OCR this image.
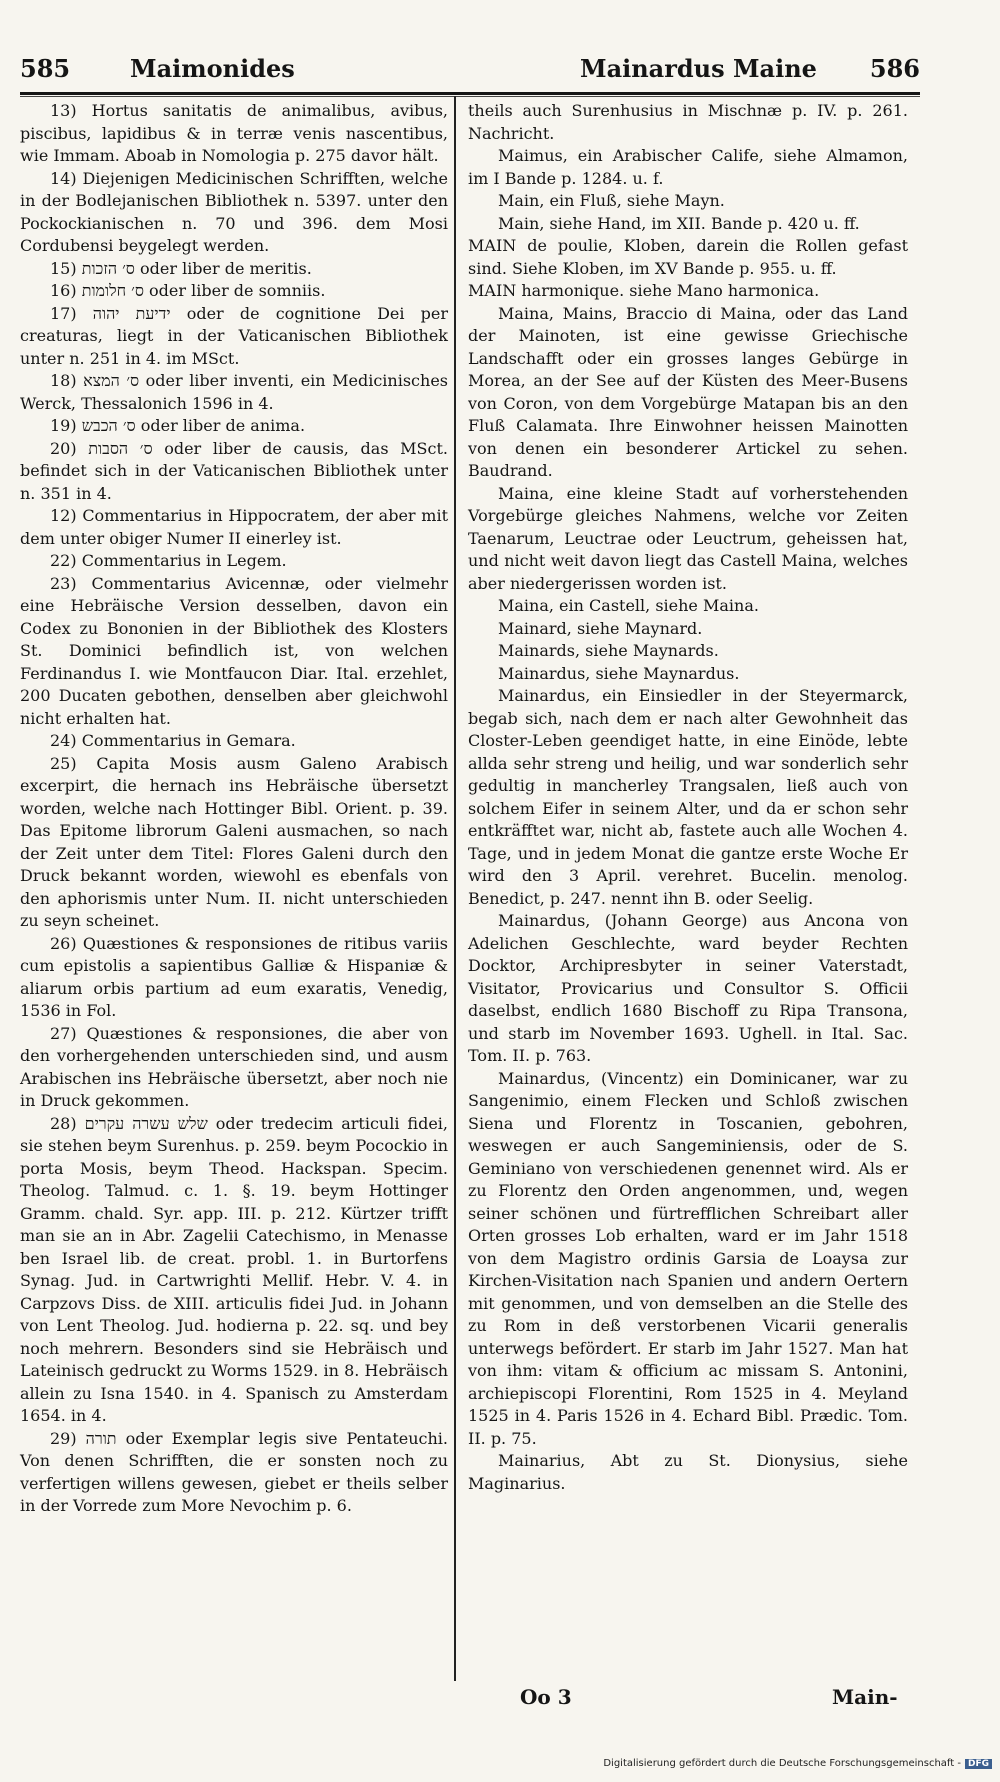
585 Maimonides	Mainardus Maine 586

13) Hortus sanitatis de animalibus, avibus, piscibus, lapidibus & in terræ venis nascentibus, wie Immam. Aboab in Nomologia p. 275 davor hält.

14) Diejenigen Medicinischen Schrifften, welche in der Bodlejanischen Bibliothek n. 5397. unter den Pockockianischen n. 70 und 396. dem Mosi Cordubensi beygelegt werden.

15) ס׳ הזכות oder liber de meritis.

16) ס׳ חלומות oder liber de somniis.

17) ידיעת יהוה oder de cognitione Dei per creaturas, liegt in der Vaticanischen Bibliothek unter n. 251 in 4. im MSct.

18) ס׳ המצא oder liber inventi, ein Medicinisches Werck, Thessalonich 1596 in 4.

19) ס׳ הכבש oder liber de anima.

20) ס׳ הסבות oder liber de causis, das MSct. befindet sich in der Vaticanischen Bibliothek unter n. 351 in 4.

12) Commentarius in Hippocratem, der aber mit dem unter obiger Numer II einerley ist.

22) Commentarius in Legem.

23) Commentarius Avicennæ, oder vielmehr eine Hebräische Version desselben, davon ein Codex zu Bononien in der Bibliothek des Klosters St. Dominici befindlich ist, von welchen Ferdinandus I. wie Montfaucon Diar. Ital. erzehlet, 200 Ducaten gebothen, denselben aber gleichwohl nicht erhalten hat.

24) Commentarius in Gemara.

25) Capita Mosis ausm Galeno Arabisch excerpirt, die hernach ins Hebräische übersetzt worden, welche nach Hottinger Bibl. Orient. p. 39. Das Epitome librorum Galeni ausmachen, so nach der Zeit unter dem Titel: Flores Galeni durch den Druck bekannt worden, wiewohl es ebenfals von den aphorismis unter Num. II. nicht unterschieden zu seyn scheinet.

26) Quæstiones & responsiones de ritibus variis cum epistolis a sapientibus Galliæ & Hispaniæ & aliarum orbis partium ad eum exaratis, Venedig, 1536 in Fol.

27) Quæstiones & responsiones, die aber von den vorhergehenden unterschieden sind, und ausm Arabischen ins Hebräische übersetzt, aber noch nie in Druck gekommen.

28) שלש עשרה עקרים oder tredecim articuli fidei, sie stehen beym Surenhus. p. 259. beym Pocockio in porta Mosis, beym Theod. Hackspan. Specim. Theolog. Talmud. c. 1. §. 19. beym Hottinger Gramm. chald. Syr. app. III. p. 212. Kürtzer trifft man sie an in Abr. Zagelii Catechismo, in Menasse ben Israel lib. de creat. probl. 1. in Burtorfens Synag. Jud. in Cartwrighti Mellif. Hebr. V. 4. in Carpzovs Diss. de XIII. articulis fidei Jud. in Johann von Lent Theolog. Jud. hodierna p. 22. sq. und bey noch mehrern. Besonders sind sie Hebräisch und Lateinisch gedruckt zu Worms 1529. in 8. Hebräisch allein zu Isna 1540. in 4. Spanisch zu Amsterdam 1654. in 4.

29) תורה oder Exemplar legis sive Pentateuchi. Von denen Schrifften, die er sonsten noch zu verfertigen willens gewesen, giebet er theils selber in der Vorrede zum More Nevochim p. 6.

theils auch Surenhusius in Mischnæ p. IV. p. 261. Nachricht.

Maimus, ein Arabischer Calife, siehe Almamon, im I Bande p. 1284. u. f.

Main, ein Fluß, siehe Mayn.

Main, siehe Hand, im XII. Bande p. 420 u. ff.

MAIN de poulie, Kloben, darein die Rollen gefast sind. Siehe Kloben, im XV Bande p. 955. u. ff.

MAIN harmonique. siehe Mano harmonica.

Maina, Mains, Braccio di Maina, oder das Land der Mainoten, ist eine gewisse Griechische Landschafft oder ein grosses langes Gebürge in Morea, an der See auf der Küsten des Meer-Busens von Coron, von dem Vorgebürge Matapan bis an den Fluß Calamata. Ihre Einwohner heissen Mainotten von denen ein besonderer Artickel zu sehen. Baudrand.

Maina, eine kleine Stadt auf vorherstehenden Vorgebürge gleiches Nahmens, welche vor Zeiten Taenarum, Leuctrae oder Leuctrum, geheissen hat, und nicht weit davon liegt das Castell Maina, welches aber niedergerissen worden ist.

Maina, ein Castell, siehe Maina.

Mainard, siehe Maynard.

Mainards, siehe Maynards.

Mainardus, siehe Maynardus.

Mainardus, ein Einsiedler in der Steyermarck, begab sich, nach dem er nach alter Gewohnheit das Closter-Leben geendiget hatte, in eine Einöde, lebte allda sehr streng und heilig, und war sonderlich sehr gedultig in mancherley Trangsalen, ließ auch von solchem Eifer in seinem Alter, und da er schon sehr entkräfftet war, nicht ab, fastete auch alle Wochen 4. Tage, und in jedem Monat die gantze erste Woche Er wird den 3 April. verehret. Bucelin. menolog. Benedict, p. 247. nennt ihn B. oder Seelig.

Mainardus, (Johann George) aus Ancona von Adelichen Geschlechte, ward beyder Rechten Docktor, Archipresbyter in seiner Vaterstadt, Visitator, Provicarius und Consultor S. Officii daselbst, endlich 1680 Bischoff zu Ripa Transona, und starb im November 1693. Ughell. in Ital. Sac. Tom. II. p. 763.

Mainardus, (Vincentz) ein Dominicaner, war zu Sangenimio, einem Flecken und Schloß zwischen Siena und Florentz in Toscanien, gebohren, weswegen er auch Sangeminiensis, oder de S. Geminiano von verschiedenen genennet wird. Als er zu Florentz den Orden angenommen, und, wegen seiner schönen und fürtrefflichen Schreibart aller Orten grosses Lob erhalten, ward er im Jahr 1518 von dem Magistro ordinis Garsia de Loaysa zur Kirchen-Visitation nach Spanien und andern Oertern mit genommen, und von demselben an die Stelle des zu Rom in deß verstorbenen Vicarii generalis unterwegs befördert. Er starb im Jahr 1527. Man hat von ihm: vitam & officium ac missam S. Antonini, archiepiscopi Florentini, Rom 1525 in 4. Meyland 1525 in 4. Paris 1526 in 4. Echard Bibl. Prædic. Tom. II. p. 75.

Mainarius, Abt zu St. Dionysius, siehe Maginarius.

Oo 3	Main-
Digitalisierung gefördert durch die Deutsche Forschungsgemeinschaft - DFG
